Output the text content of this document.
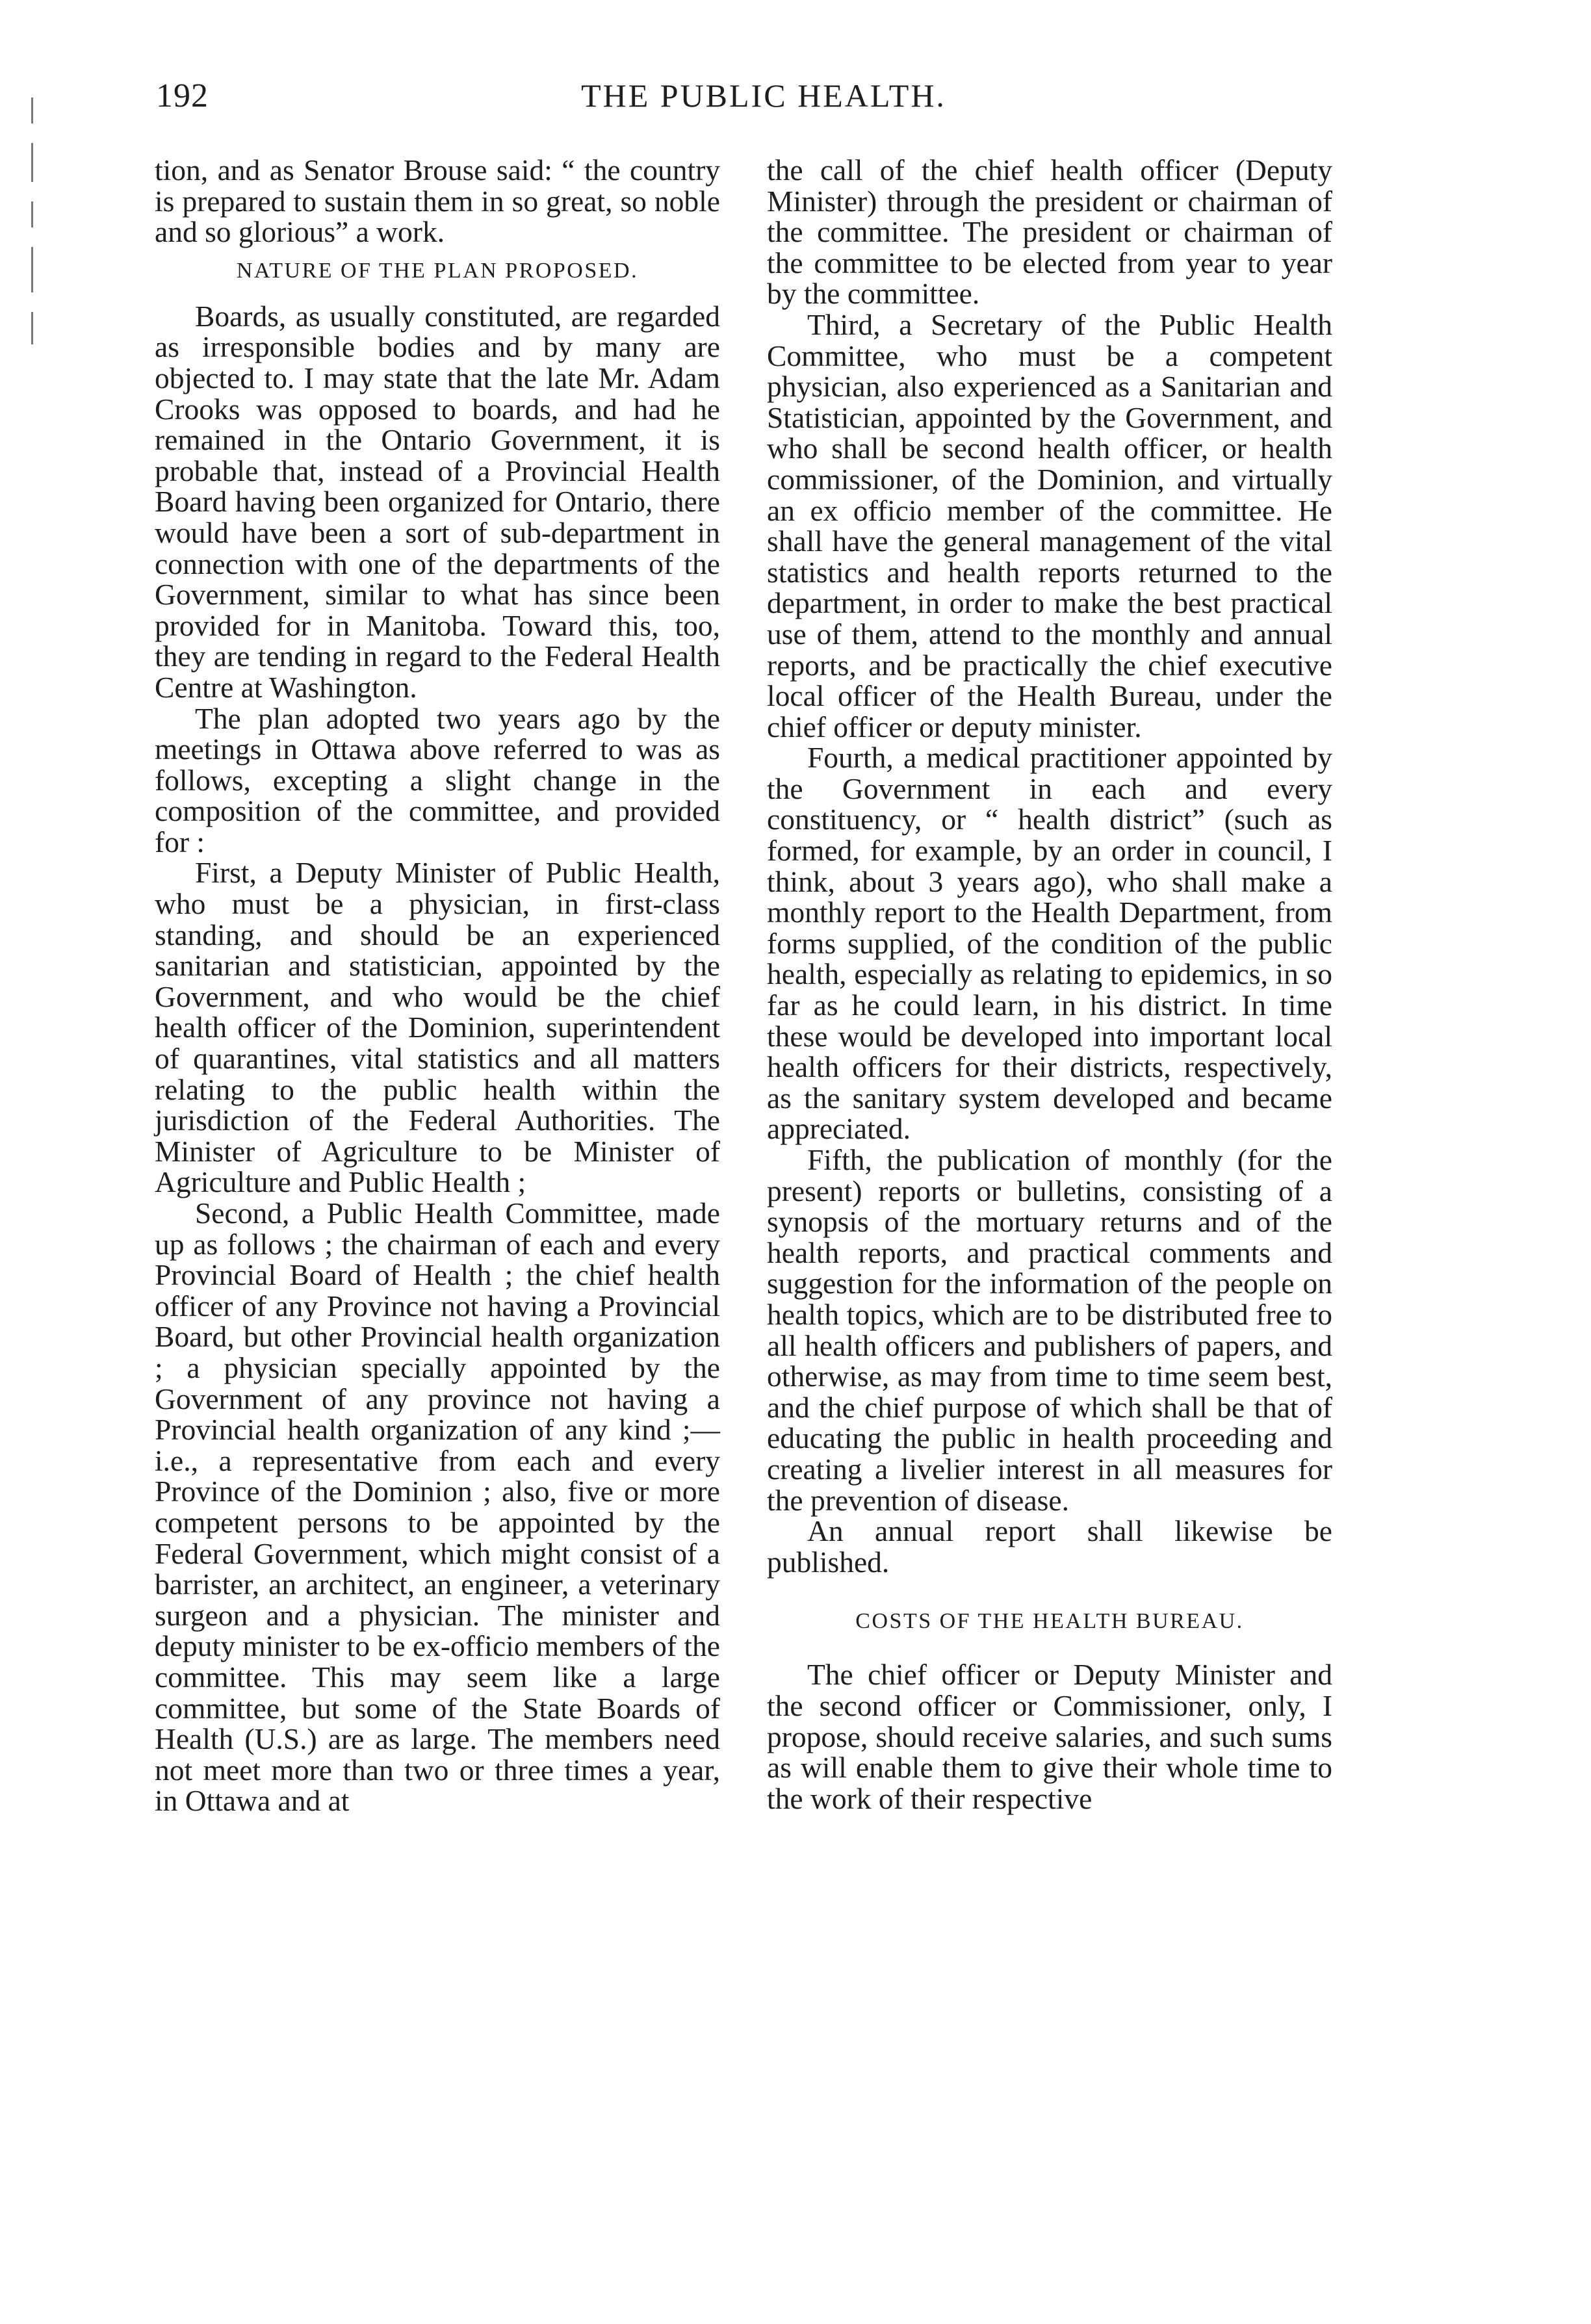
192	THE PUBLIC HEALTH.

tion, and as Senator Brouse said: “ the country is prepared to sustain them in so great, so noble and so glorious” a work.

NATURE OF THE PLAN PROPOSED.

Boards, as usually constituted, are regarded as irresponsible bodies and by many are objected to. I may state that the late Mr. Adam Crooks was opposed to boards, and had he remained in the Ontario Government, it is probable that, instead of a Provincial Health Board having been organized for Ontario, there would have been a sort of sub-department in connection with one of the departments of the Government, similar to what has since been provided for in Manitoba. Toward this, too, they are tending in regard to the Federal Health Centre at Washington.

The plan adopted two years ago by the meetings in Ottawa above referred to was as follows, excepting a slight change in the composition of the committee, and provided for :

First, a Deputy Minister of Public Health, who must be a physician, in first-class standing, and should be an experienced sanitarian and statistician, appointed by the Government, and who would be the chief health officer of the Dominion, superintendent of quarantines, vital statistics and all matters relating to the public health within the jurisdiction of the Federal Authorities. The Minister of Agriculture to be Minister of Agriculture and Public Health ;

Second, a Public Health Committee, made up as follows ; the chairman of each and every Provincial Board of Health ; the chief health officer of any Province not having a Provincial Board, but other Provincial health organization ; a physician specially appointed by the Government of any province not having a Provincial health organization of any kind ;—i.e., a representative from each and every Province of the Dominion ; also, five or more competent persons to be appointed by the Federal Government, which might consist of a barrister, an architect, an engineer, a veterinary surgeon and a physician. The minister and deputy minister to be ex-officio members of the committee. This may seem like a large committee, but some of the State Boards of Health (U.S.) are as large. The members need not meet more than two or three times a year, in Ottawa and at

the call of the chief health officer (Deputy Minister) through the president or chairman of the committee. The president or chairman of the committee to be elected from year to year by the committee.

Third, a Secretary of the Public Health Committee, who must be a competent physician, also experienced as a Sanitarian and Statistician, appointed by the Government, and who shall be second health officer, or health commissioner, of the Dominion, and virtually an ex officio member of the committee. He shall have the general management of the vital statistics and health reports returned to the department, in order to make the best practical use of them, attend to the monthly and annual reports, and be practically the chief executive local officer of the Health Bureau, under the chief officer or deputy minister.

Fourth, a medical practitioner appointed by the Government in each and every constituency, or “ health district” (such as formed, for example, by an order in council, I think, about 3 years ago), who shall make a monthly report to the Health Department, from forms supplied, of the condition of the public health, especially as relating to epidemics, in so far as he could learn, in his district. In time these would be developed into important local health officers for their districts, respectively, as the sanitary system developed and became appreciated.

Fifth, the publication of monthly (for the present) reports or bulletins, consisting of a synopsis of the mortuary returns and of the health reports, and practical comments and suggestion for the information of the people on health topics, which are to be distributed free to all health officers and publishers of papers, and otherwise, as may from time to time seem best, and the chief purpose of which shall be that of educating the public in health proceeding and creating a livelier interest in all measures for the prevention of disease.

An annual report shall likewise be published.

COSTS OF THE HEALTH BUREAU.

The chief officer or Deputy Minister and the second officer or Commissioner, only, I propose, should receive salaries, and such sums as will enable them to give their whole time to the work of their respective
